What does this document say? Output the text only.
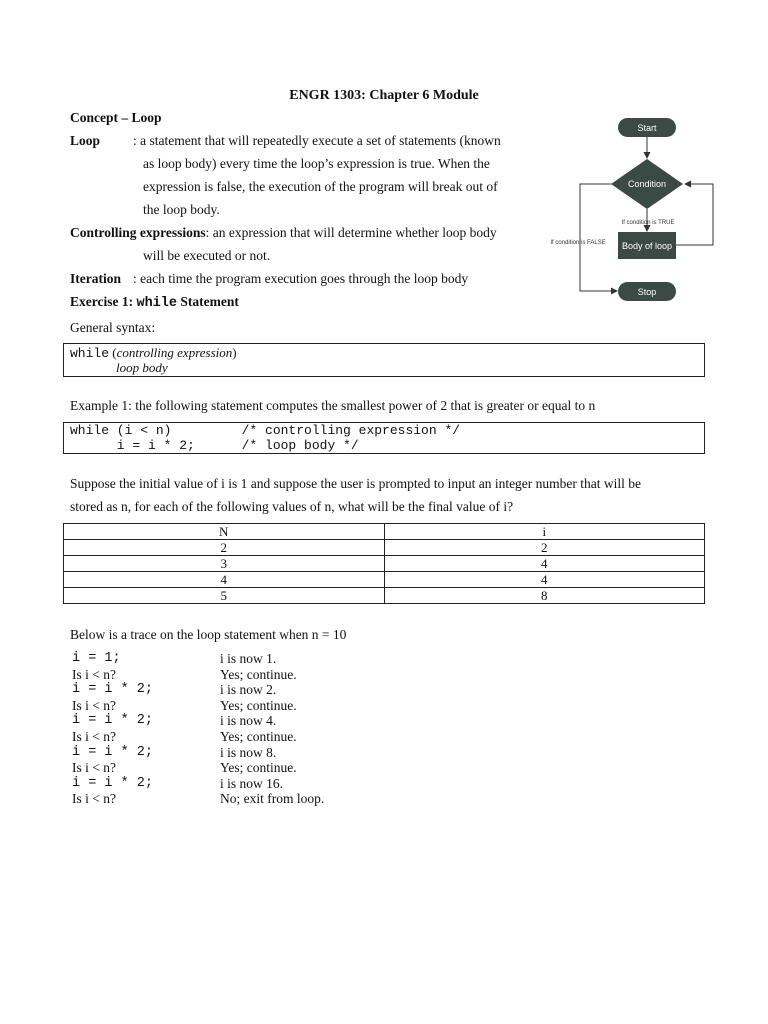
ENGR 1303: Chapter 6 Module
Concept – Loop
Loop : a statement that will repeatedly execute a set of statements (known
as loop body) every time the loop’s expression is true. When the
expression is false, the execution of the program will break out of
the loop body.
Controlling expressions: an expression that will determine whether loop body
will be executed or not.
Iteration : each time the program execution goes through the loop body
Exercise 1: while Statement
General syntax:
while (controlling expression)
loop body
Example 1: the following statement computes the smallest power of 2 that is greater or equal to n
while (i < n)         /* controlling expression */
i = i * 2;      /* loop body */
Suppose the initial value of i is 1 and suppose the user is prompted to input an integer number that will be
stored as n, for each of the following values of n, what will be the final value of i?
N	i
2	2
3	4
4	4
5	8
Below is a trace on the loop statement when n = 10
i = 1;	i is now 1.
Is i < n?	Yes; continue.
i = i * 2;	i is now 2.
Is i < n?	Yes; continue.
i = i * 2;	i is now 4.
Is i < n?	Yes; continue.
i = i * 2;	i is now 8.
Is i < n?	Yes; continue.
i = i * 2;	i is now 16.
Is i < n?	No; exit from loop.
Start
Condition
If condition is TRUE
If condition is FALSE Body of loop
Stop
